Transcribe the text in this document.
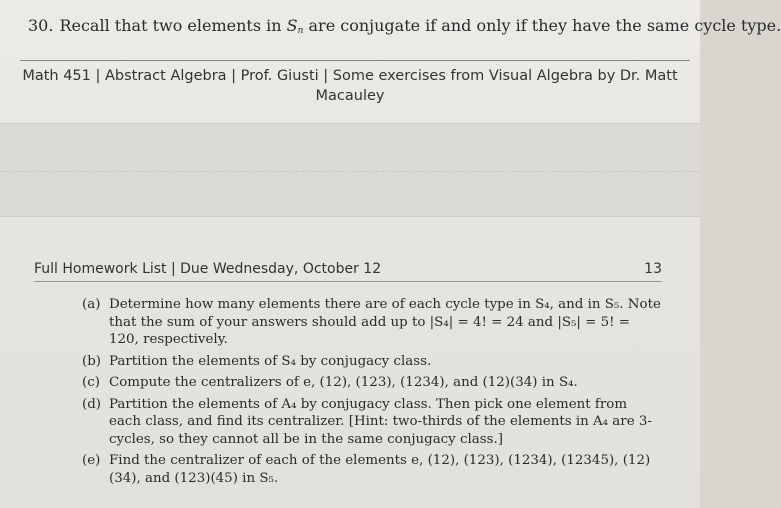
30. Recall that two elements in $S_n$ are conjugate if and only if they have the same cycle type.
Math 451 | Abstract Algebra | Prof. Giusti | Some exercises from Visual Algebra by Dr. Matt Macauley
Full Homework List | Due Wednesday, October 12	13
(a) Determine how many elements there are of each cycle type in S₄, and in S₅. Note that the sum of your answers should add up to |S₄| = 4! = 24 and |S₅| = 5! = 120, respectively.
(b) Partition the elements of S₄ by conjugacy class.
(c) Compute the centralizers of e, (12), (123), (1234), and (12)(34) in S₄.
(d) Partition the elements of A₄ by conjugacy class. Then pick one element from each class, and find its centralizer. [Hint: two-thirds of the elements in A₄ are 3-cycles, so they cannot all be in the same conjugacy class.]
(e) Find the centralizer of each of the elements e, (12), (123), (1234), (12345), (12)(34), and (123)(45) in S₅.
